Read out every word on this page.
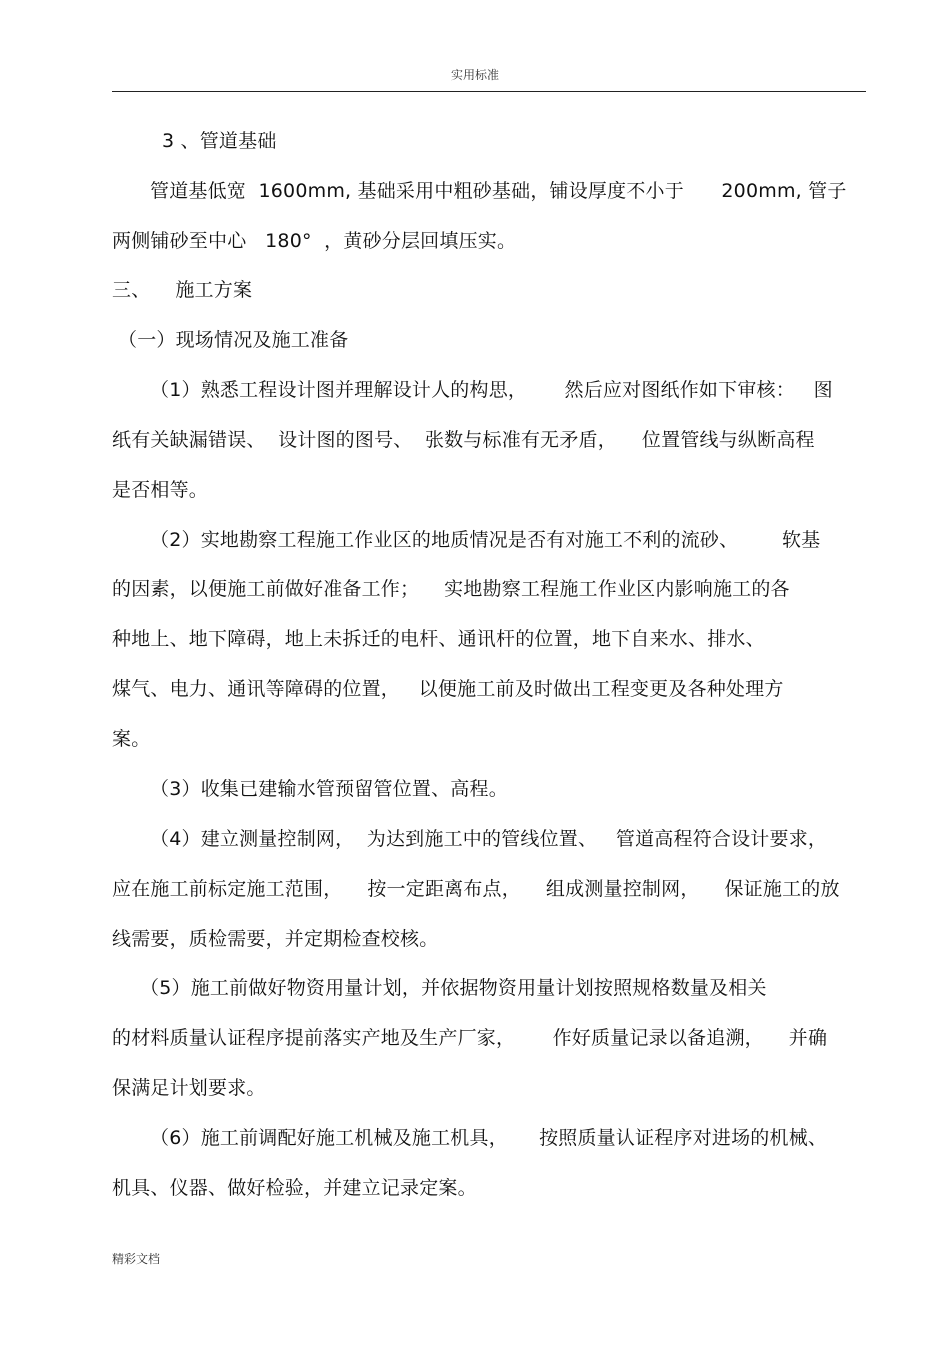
实用标准
3 、管道基础
管道基低宽  1600mm, 基础采用中粗砂基础，铺设厚度不小于      200mm, 管子
两侧铺砂至中心   180°  ，黄砂分层回填压实。
三、    施工方案
（一）现场情况及施工准备
（1）熟悉工程设计图并理解设计人的构思，      然后应对图纸作如下审核：   图
纸有关缺漏错误、  设计图的图号、  张数与标准有无矛盾，    位置管线与纵断高程
是否相等。
（2）实地勘察工程施工作业区的地质情况是否有对施工不利的流砂、       软基
的因素，以便施工前做好准备工作；    实地勘察工程施工作业区内影响施工的各
种地上、地下障碍，地上未拆迁的电杆、通讯杆的位置，地下自来水、排水、
煤气、电力、通讯等障碍的位置，   以便施工前及时做出工程变更及各种处理方
案。
（3）收集已建输水管预留管位置、高程。
（4）建立测量控制网，  为达到施工中的管线位置、   管道高程符合设计要求，
应在施工前标定施工范围，    按一定距离布点，    组成测量控制网，    保证施工的放
线需要，质检需要，并定期检查校核。
（5）施工前做好物资用量计划，并依据物资用量计划按照规格数量及相关
的材料质量认证程序提前落实产地及生产厂家，      作好质量记录以备追溯，    并确
保满足计划要求。
（6）施工前调配好施工机械及施工机具，     按照质量认证程序对进场的机械、
机具、仪器、做好检验，并建立记录定案。
精彩文档
